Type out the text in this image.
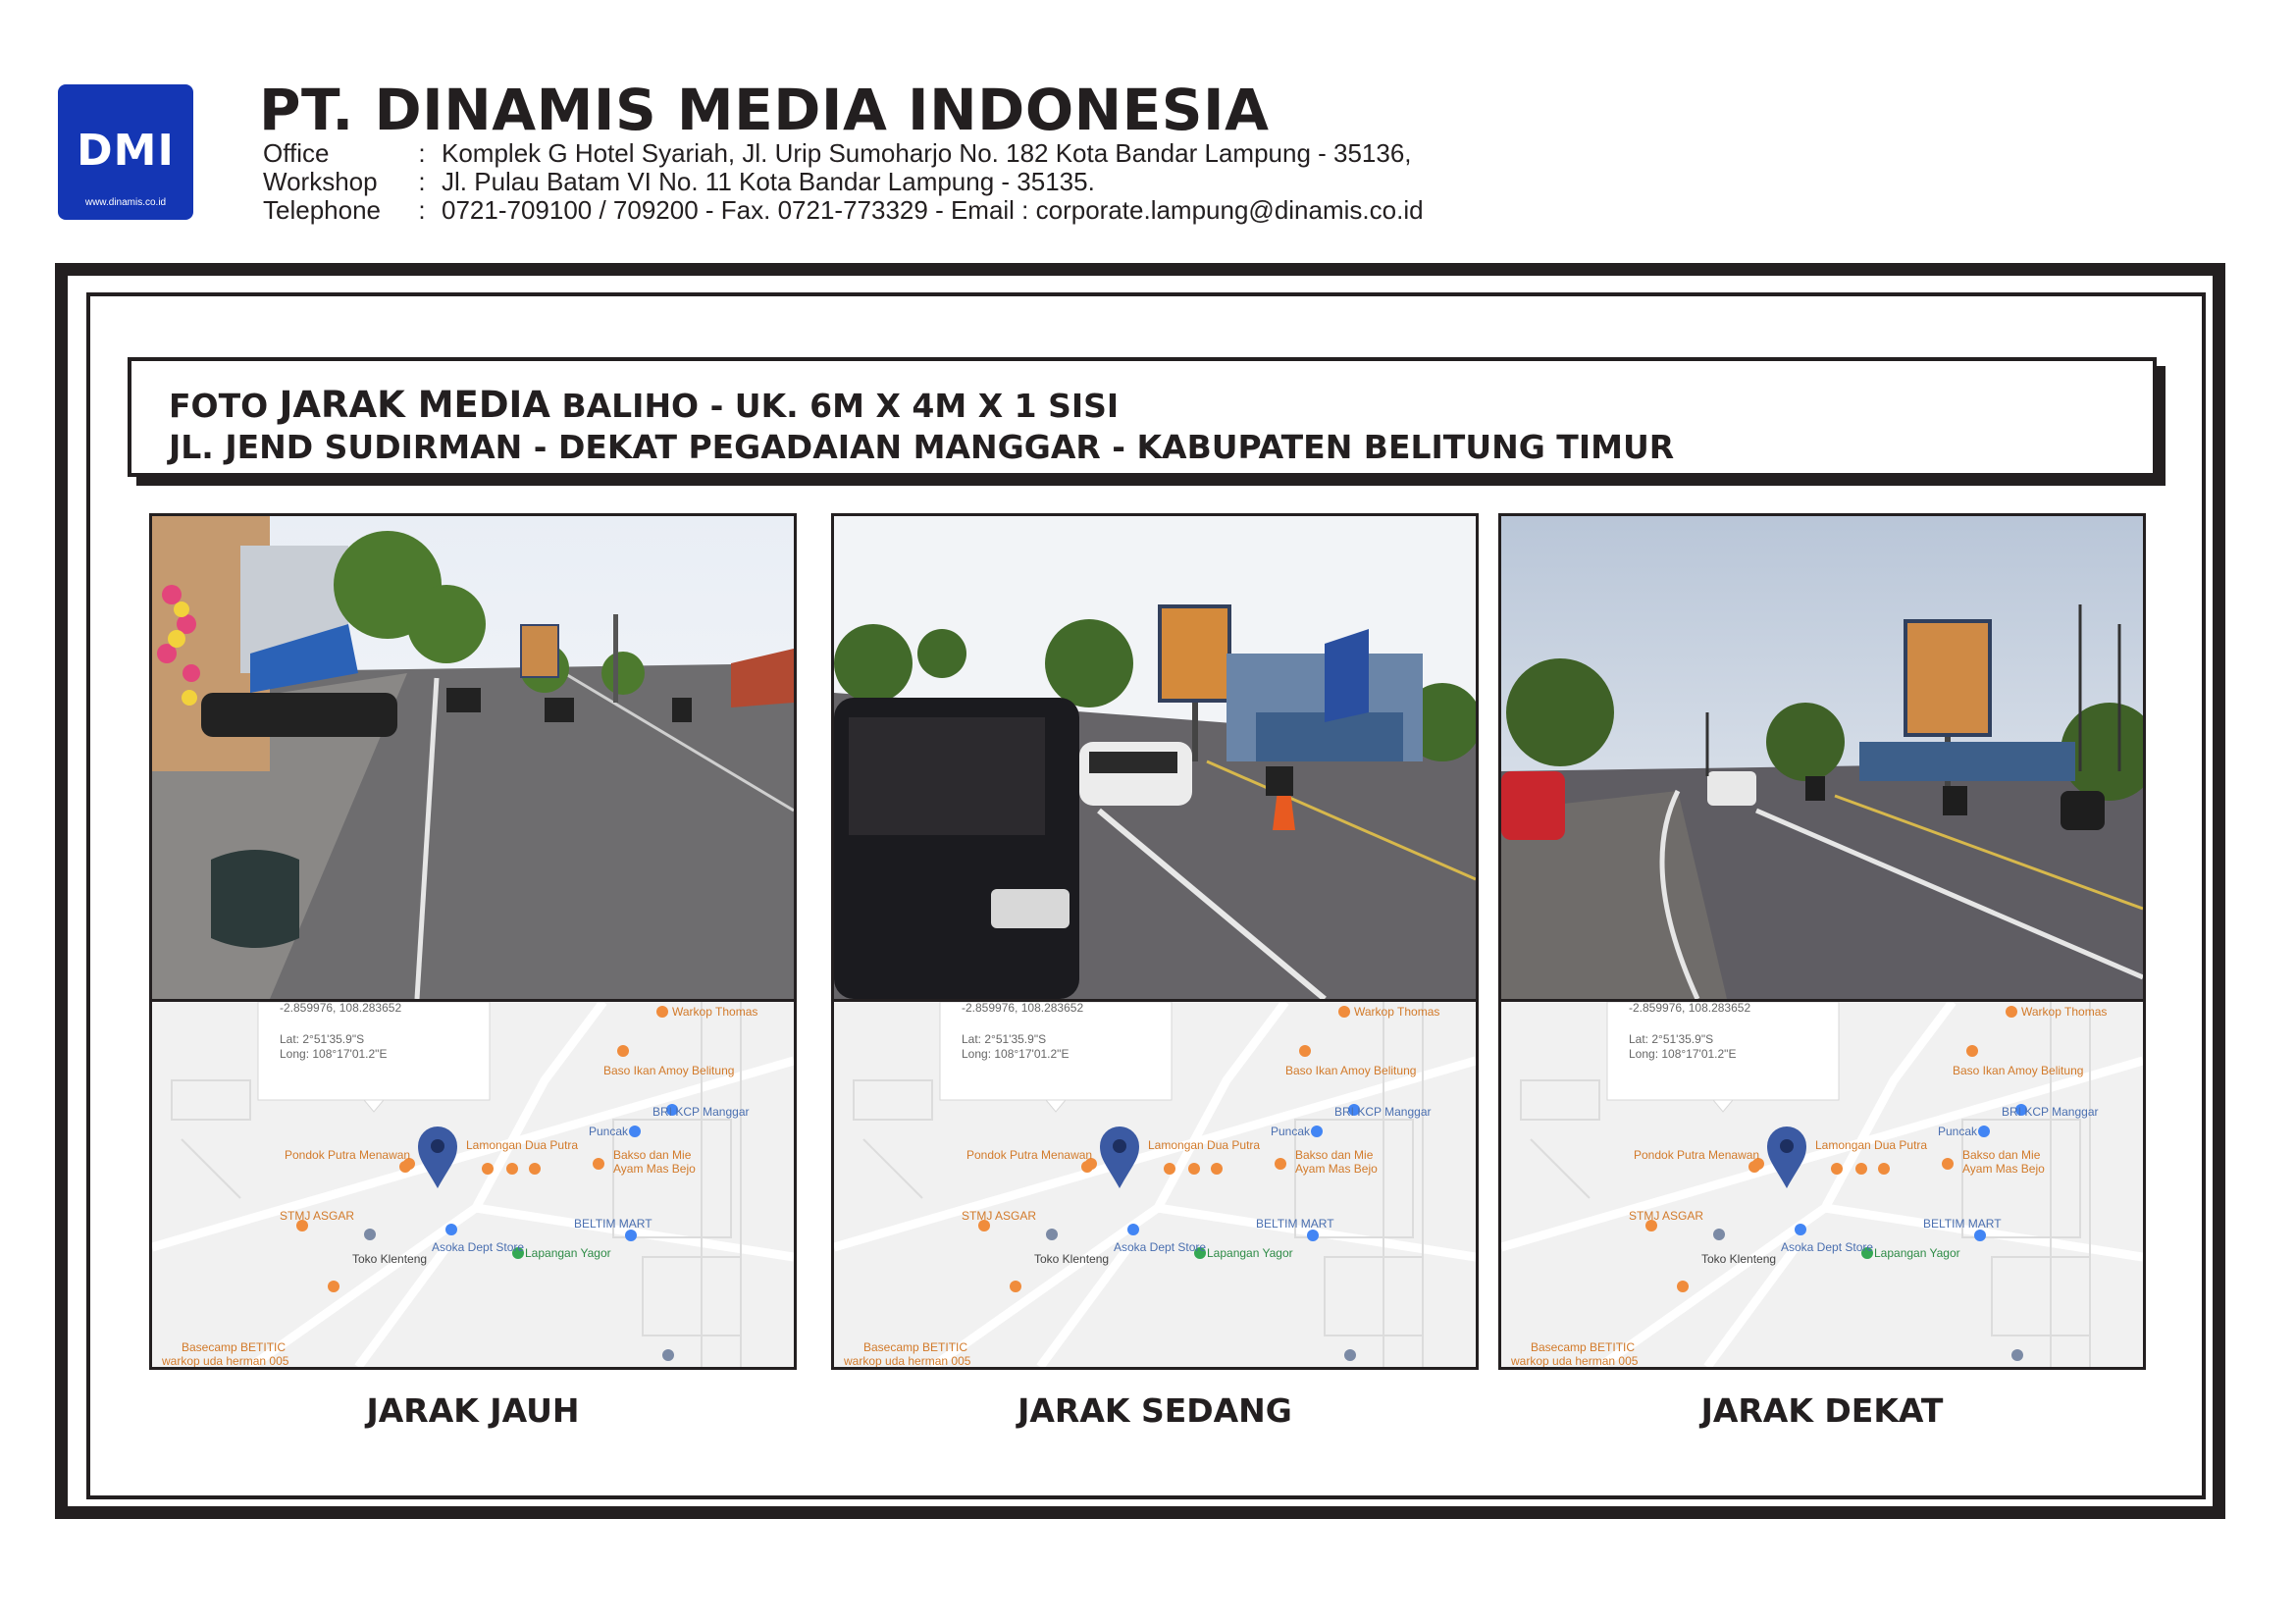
DMI
www.dinamis.co.id
PT. DINAMIS MEDIA INDONESIA
Office	: Komplek G Hotel Syariah, Jl. Urip Sumoharjo No. 182 Kota Bandar Lampung - 35136,
Workshop : Jl. Pulau Batam VI No. 11 Kota Bandar Lampung - 35135.
Telephone : 0721-709100 / 709200 - Fax. 0721-773329 - Email : corporate.lampung@dinamis.co.id
FOTO JARAK MEDIA BALIHO - UK. 6M X 4M X 1 SISI
JL. JEND SUDIRMAN - DEKAT PEGADAIAN MANGGAR - KABUPATEN BELITUNG TIMUR
-2.859976, 108.283652
Lat: 2°51'35.9"S
Long: 108°17'01.2"E
Warkop Thomas
Baso Ikan Amoy Belitung
BRI KCP Manggar
Puncak
Lamongan Dua Putra
Pondok Putra Menawan	Bakso dan Mie
Ayam Mas Bejo
Asoka Dept Store
STMJ ASGAR
Toko Klenteng
BELTIM MART
Lapangan Yagor
Basecamp BETITIC
warkop uda herman 005
-2.859976, 108.283652
Lat: 2°51'35.9"S
Long: 108°17'01.2"E
Warkop Thomas
Baso Ikan Amoy Belitung
BRI KCP Manggar
Puncak
Lamongan Dua Putra
Pondok Putra Menawan	Bakso dan Mie
Ayam Mas Bejo
Asoka Dept Store
STMJ ASGAR
Toko Klenteng
BELTIM MART
Lapangan Yagor
Basecamp BETITIC
warkop uda herman 005
-2.859976, 108.283652
Lat: 2°51'35.9"S
Long: 108°17'01.2"E
Warkop Thomas
Baso Ikan Amoy Belitung
BRI KCP Manggar
Puncak
Lamongan Dua Putra
Pondok Putra Menawan	Bakso dan Mie
Ayam Mas Bejo
Asoka Dept Store
STMJ ASGAR
Toko Klenteng
BELTIM MART
Lapangan Yagor
Basecamp BETITIC
warkop uda herman 005
JARAK JAUH	JARAK SEDANG	JARAK DEKAT
